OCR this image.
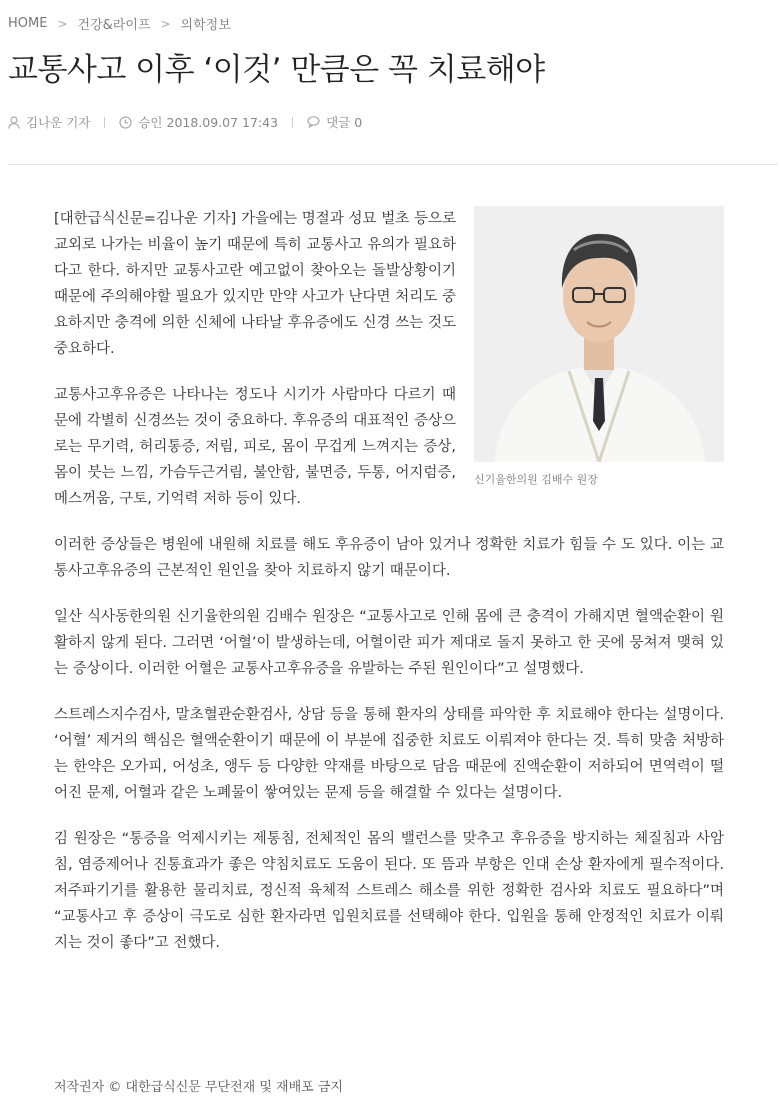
HOME > 건강&라이프 > 의학정보
교통사고 이후 ‘이것’ 만큼은 꼭 치료해야
김나운 기자	승인
2018.09.07 17:43	댓글
0
신기율한의원 김배수 원장

[대한급식신문=김나운 기자] 가을에는 명절과 성묘 벌초 등으로 교외로 나가는 비율이 높기 때문에 특히 교통사고 유의가 필요하다고 한다. 하지만 교통사고란 예고없이 찾아오는 돌발상황이기 때문에 주의해야할 필요가 있지만 만약 사고가 난다면 처리도 중요하지만 충격에 의한 신체에 나타날 후유증에도 신경 쓰는 것도 중요하다.

교통사고후유증은 나타나는 정도나 시기가 사람마다 다르기 때문에 각별히 신경쓰는 것이 중요하다. 후유증의 대표적인 증상으로는 무기력, 허리통증, 저림, 피로, 몸이 무겁게 느껴지는 증상, 몸이 붓는 느낌, 가슴두근거림, 불안함, 불면증, 두통, 어지럼증, 메스꺼움, 구토, 기억력 저하 등이 있다.

이러한 증상들은 병원에 내원해 치료를 해도 후유증이 남아 있거나 정확한 치료가 힘들 수 도 있다. 이는 교통사고후유증의 근본적인 원인을 찾아 치료하지 않기 때문이다.

일산 식사동한의원 신기율한의원 김배수 원장은 “교통사고로 인해 몸에 큰 충격이 가해지면 혈액순환이 원활하지 않게 된다. 그러면 ‘어혈’이 발생하는데, 어혈이란 피가 제대로 돌지 못하고 한 곳에 뭉쳐져 맺혀 있는 증상이다. 이러한 어혈은 교통사고후유증을 유발하는 주된 원인이다”고 설명했다.

스트레스지수검사, 말초혈관순환검사, 상담 등을 통해 환자의 상태를 파악한 후 치료해야 한다는 설명이다. ‘어혈’ 제거의 핵심은 혈액순환이기 때문에 이 부분에 집중한 치료도 이뤄져야 한다는 것. 특히 맞춤 처방하는 한약은 오가피, 어성초, 앵두 등 다양한 약재를 바탕으로 담음 때문에 진액순환이 저하되어 면역력이 떨어진 문제, 어혈과 같은 노폐물이 쌓여있는 문제 등을 해결할 수 있다는 설명이다.

김 원장은 “통증을 억제시키는 제통침, 전체적인 몸의 밸런스를 맞추고 후유증을 방지하는 체질침과 사암침, 염증제어나 진통효과가 좋은 약침치료도 도움이 된다. 또 뜸과 부항은 인대 손상 환자에게 필수적이다. 저주파기기를 활용한 물리치료, 정신적 육체적 스트레스 해소를 위한 정확한 검사와 치료도 필요하다”며 “교통사고 후 증상이 극도로 심한 환자라면 입원치료를 선택해야 한다. 입원을 통해 안정적인 치료가 이뤄지는 것이 좋다”고 전했다.

저작권자 © 대한급식신문 무단전재 및 재배포 금지
